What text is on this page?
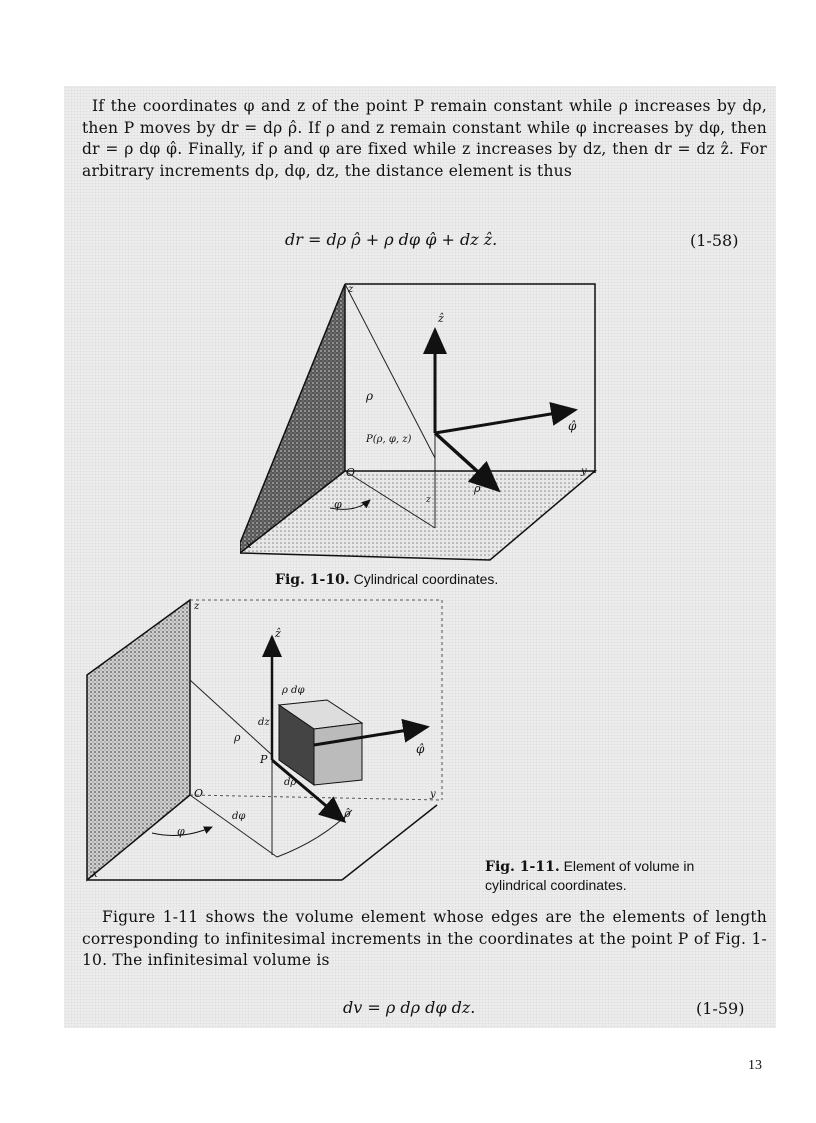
If the coordinates φ and z of the point P remain constant while ρ increases by dρ, then P moves by dr = dρ ρ̂. If ρ and z remain constant while φ increases by dφ, then dr = ρ dφ φ̂. Finally, if ρ and φ are fixed while z increases by dz, then dr = dz ẑ. For arbitrary increments dρ, dφ, dz, the distance element is thus

dr = dρ ρ̂ + ρ dφ φ̂ + dz ẑ.	(1-58)
z
ẑ
ρ
P(ρ, φ, z)
φ̂
O	y
ρ̂
φ	z
x
Fig. 1-10. Cylindrical coordinates.
z
ẑ
ρ dφ
dz
ρ
φ̂
P
dρ
O
dφ
φ
ρ̂
x
y
Fig. 1-11. Element of volume in
cylindrical coordinates.

Figure 1-11 shows the volume element whose edges are the elements of length corresponding to infinitesimal increments in the coordinates at the point P of Fig. 1-10. The infinitesimal volume is

dv = ρ dρ dφ dz.	(1-59)
13
